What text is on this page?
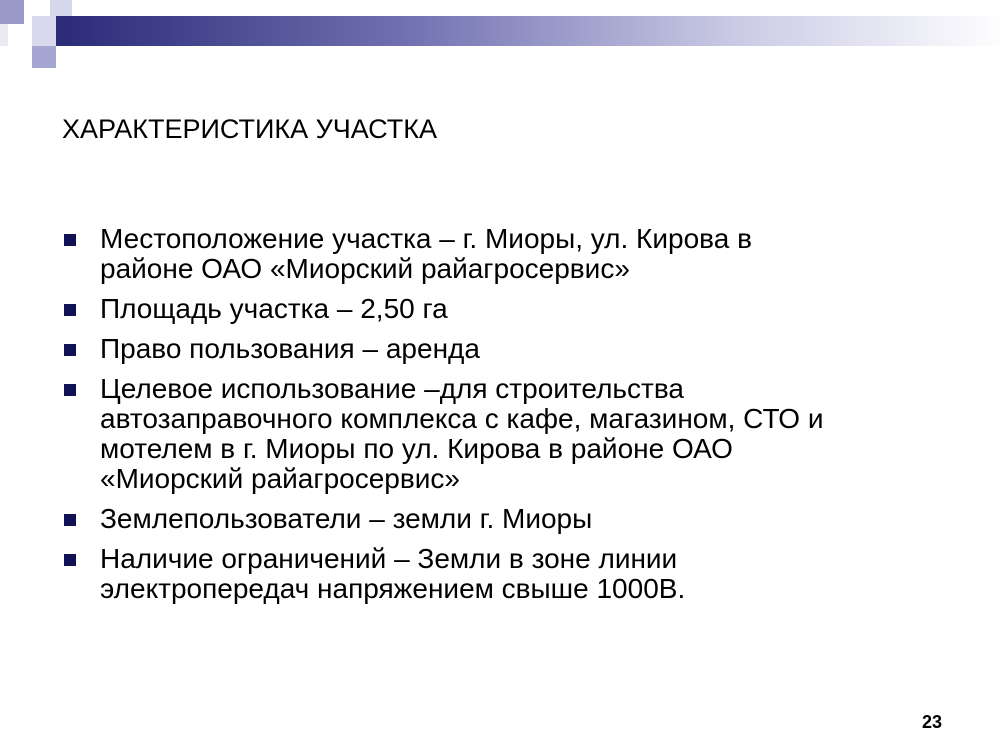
ХАРАКТЕРИСТИКА УЧАСТКА
Местоположение участка – г. Миоры, ул. Кирова в
районе ОАО «Миорский райагросервис»
Площадь участка – 2,50 га
Право пользования – аренда
Целевое использование –для строительства
автозаправочного комплекса с кафе, магазином, СТО и
мотелем в г. Миоры по ул. Кирова в районе ОАО
«Миорский райагросервис»
Землепользователи – земли г. Миоры
Наличие ограничений – Земли в зоне линии
электропередач напряжением свыше 1000В.
23
